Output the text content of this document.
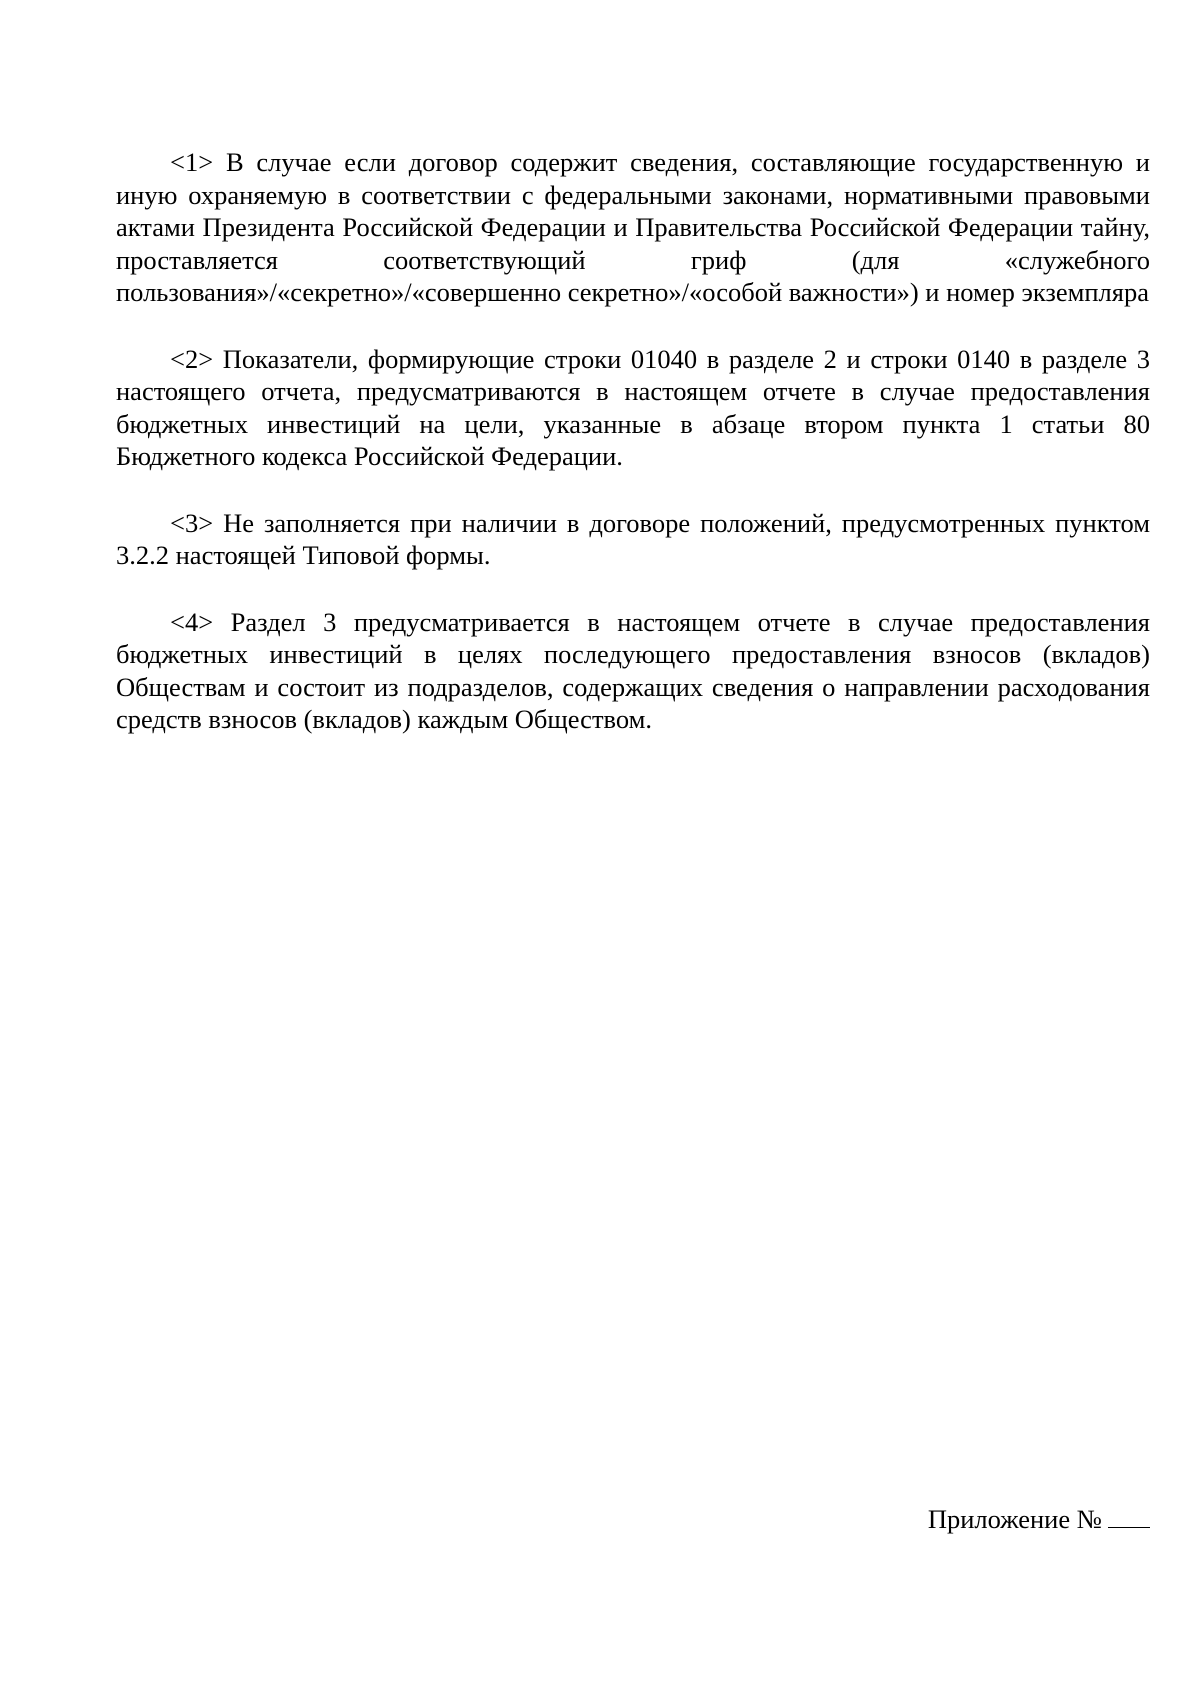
<1> В случае если договор содержит сведения, составляющие государственную и иную охраняемую в соответствии с федеральными законами, нормативными правовыми актами Президента Российской Федерации и Правительства Российской Федерации тайну, проставляется соответствующий гриф (для «служебного пользования»/«секретно»/«совершенно секретно»/«особой важности») и номер экземпляра

<2> Показатели, формирующие строки 01040 в разделе 2 и строки 0140 в разделе 3 настоящего отчета, предусматриваются в настоящем отчете в случае предоставления бюджетных инвестиций на цели, указанные в абзаце втором пункта 1 статьи 80 Бюджетного кодекса Российской Федерации.

<3> Не заполняется при наличии в договоре положений, предусмотренных пунктом 3.2.2 настоящей Типовой формы.

<4> Раздел 3 предусматривается в настоящем отчете в случае предоставления бюджетных инвестиций в целях последующего предоставления взносов (вкладов) Обществам и состоит из подразделов, содержащих сведения о направлении расходования средств взносов (вкладов) каждым Обществом.

Приложение №
